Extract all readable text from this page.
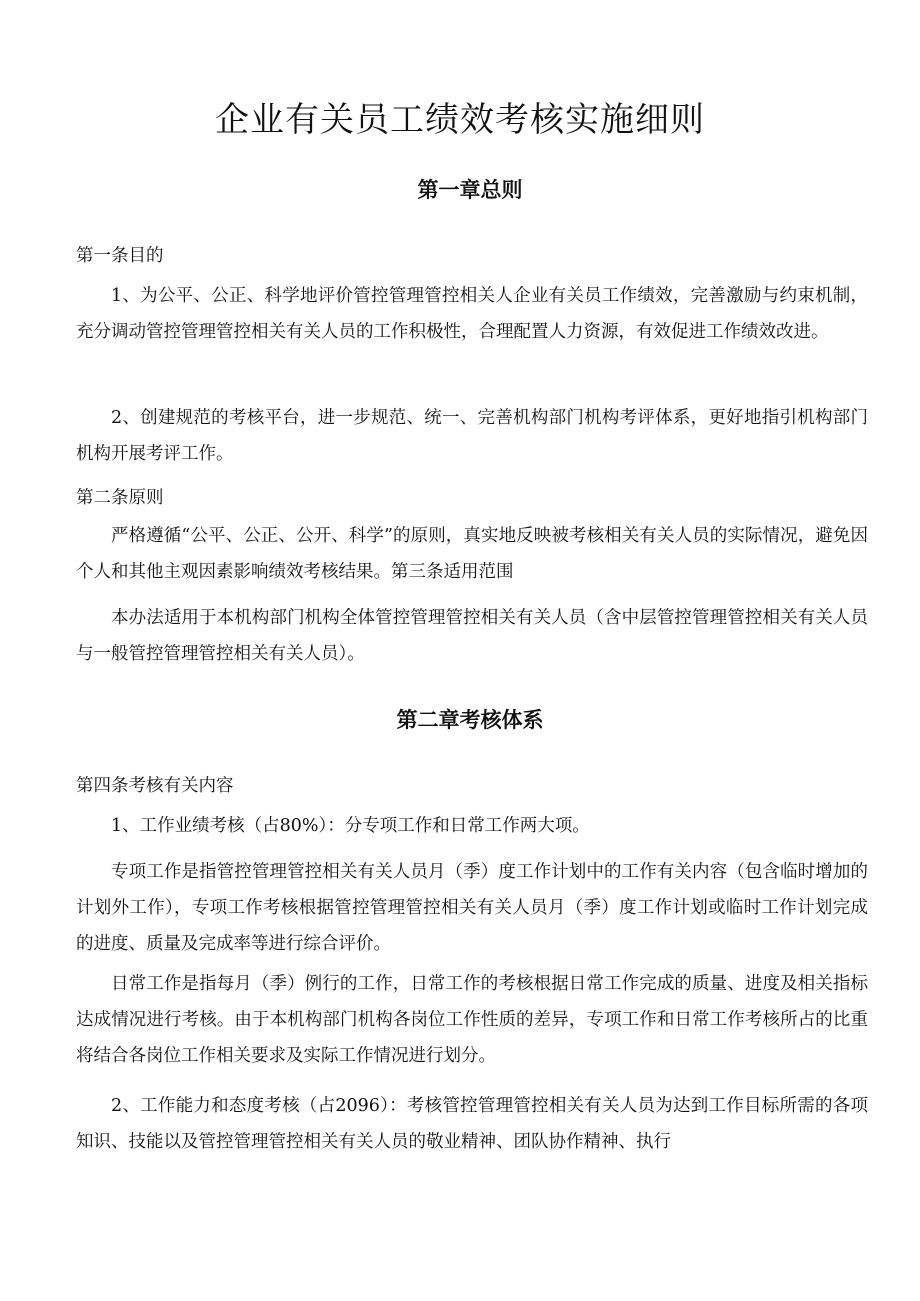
企业有关员工绩效考核实施细则
第一章总则
第一条目的

1、为公平、公正、科学地评价管控管理管控相关人企业有关员工作绩效，完善激励与约束机制，充分调动管控管理管控相关有关人员的工作积极性，合理配置人力资源，有效促进工作绩效改进。

2、创建规范的考核平台，进一步规范、统一、完善机构部门机构考评体系，更好地指引机构部门机构开展考评工作。

第二条原则

严格遵循“公平、公正、公开、科学”的原则，真实地反映被考核相关有关人员的实际情况，避免因个人和其他主观因素影响绩效考核结果。第三条适用范围

本办法适用于本机构部门机构全体管控管理管控相关有关人员（含中层管控管理管控相关有关人员与一般管控管理管控相关有关人员）。

第二章考核体系
第四条考核有关内容

1、工作业绩考核（占80%）：分专项工作和日常工作两大项。

专项工作是指管控管理管控相关有关人员月（季）度工作计划中的工作有关内容（包含临时增加的计划外工作），专项工作考核根据管控管理管控相关有关人员月（季）度工作计划或临时工作计划完成的进度、质量及完成率等进行综合评价。

日常工作是指每月（季）例行的工作，日常工作的考核根据日常工作完成的质量、进度及相关指标达成情况进行考核。由于本机构部门机构各岗位工作性质的差异，专项工作和日常工作考核所占的比重将结合各岗位工作相关要求及实际工作情况进行划分。

2、工作能力和态度考核（占2096）：考核管控管理管控相关有关人员为达到工作目标所需的各项知识、技能以及管控管理管控相关有关人员的敬业精神、团队协作精神、执行
